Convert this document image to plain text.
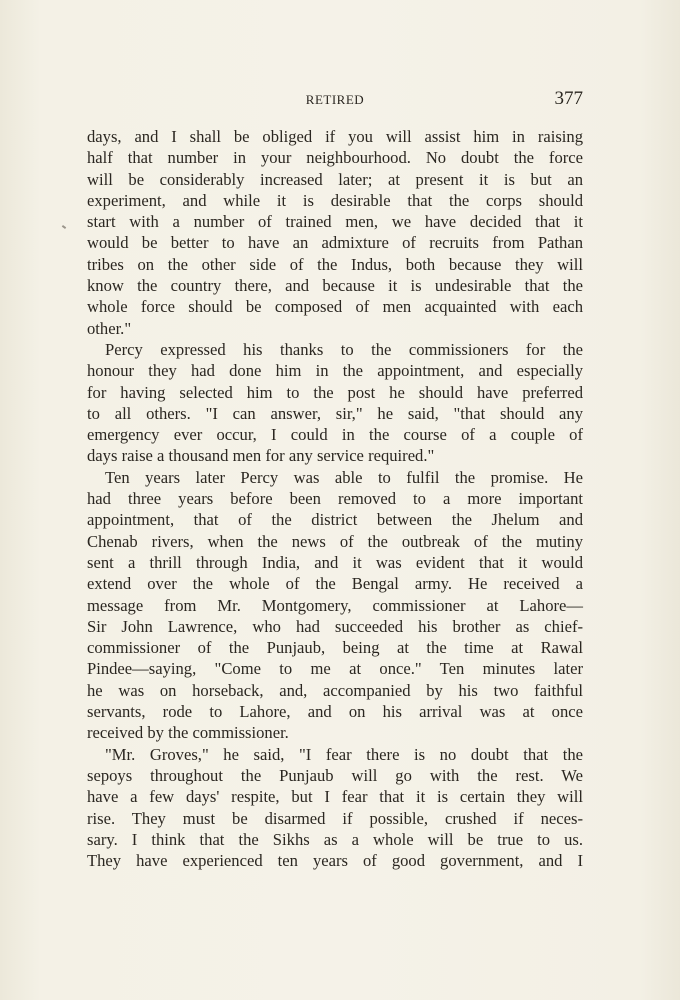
RETIRED	377
days, and I shall be obliged if you will assist him in raising
half that number in your neighbourhood. No doubt the force
will be considerably increased later; at present it is but an
experiment, and while it is desirable that the corps should
start with a number of trained men, we have decided that it
would be better to have an admixture of recruits from Pathan
tribes on the other side of the Indus, both because they will
know the country there, and because it is undesirable that the
whole force should be composed of men acquainted with each
other."
Percy expressed his thanks to the commissioners for the
honour they had done him in the appointment, and especially
for having selected him to the post he should have preferred
to all others. "I can answer, sir," he said, "that should any
emergency ever occur, I could in the course of a couple of
days raise a thousand men for any service required."
Ten years later Percy was able to fulfil the promise. He
had three years before been removed to a more important
appointment, that of the district between the Jhelum and
Chenab rivers, when the news of the outbreak of the mutiny
sent a thrill through India, and it was evident that it would
extend over the whole of the Bengal army. He received a
message from Mr. Montgomery, commissioner at Lahore—
Sir John Lawrence, who had succeeded his brother as chief-
commissioner of the Punjaub, being at the time at Rawal
Pindee—saying, "Come to me at once." Ten minutes later
he was on horseback, and, accompanied by his two faithful
servants, rode to Lahore, and on his arrival was at once
received by the commissioner.
"Mr. Groves," he said, "I fear there is no doubt that the
sepoys throughout the Punjaub will go with the rest. We
have a few days' respite, but I fear that it is certain they will
rise. They must be disarmed if possible, crushed if neces-
sary. I think that the Sikhs as a whole will be true to us.
They have experienced ten years of good government, and I
